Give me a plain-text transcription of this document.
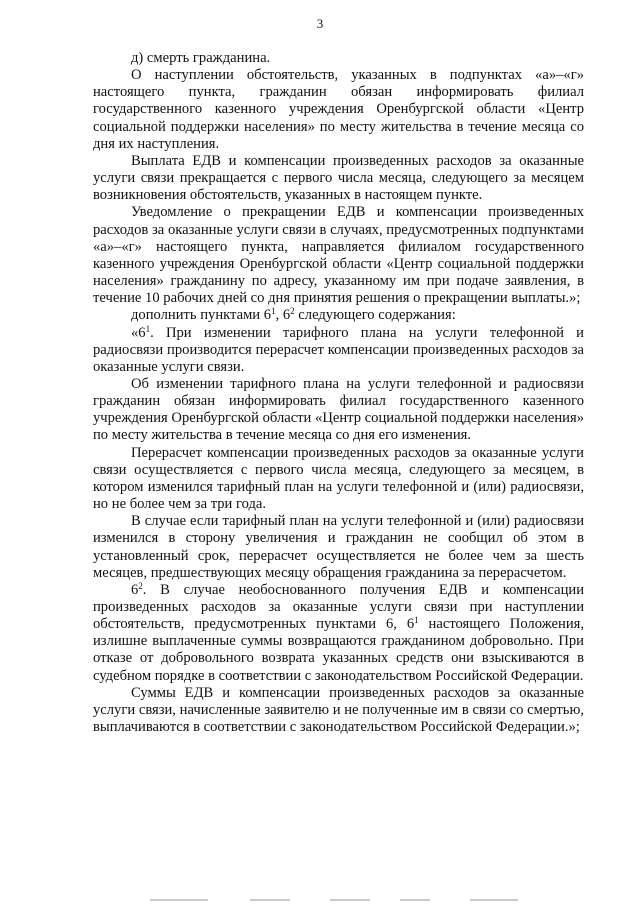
3

д) смерть гражданина.

О наступлении обстоятельств, указанных в подпунктах «а»–«г» настоящего пункта, гражданин обязан информировать филиал государственного казенного учреждения Оренбургской области «Центр социальной поддержки населения» по месту жительства в течение месяца со дня их наступления.

Выплата ЕДВ и компенсации произведенных расходов за оказанные услуги связи прекращается с первого числа месяца, следующего за месяцем возникновения обстоятельств, указанных в настоящем пункте.

Уведомление о прекращении ЕДВ и компенсации произведенных расходов за оказанные услуги связи в случаях, предусмотренных подпунктами «а»–«г» настоящего пункта, направляется филиалом государственного казенного учреждения Оренбургской области «Центр социальной поддержки населения» гражданину по адресу, указанному им при подаче заявления, в течение 10 рабочих дней со дня принятия решения о прекращении выплаты.»;

дополнить пунктами $6^1$, $6^2$ следующего содержания:

«$6^1$. При изменении тарифного плана на услуги телефонной и радиосвязи производится перерасчет компенсации произведенных расходов за оказанные услуги связи.

Об изменении тарифного плана на услуги телефонной и радиосвязи гражданин обязан информировать филиал государственного казенного учреждения Оренбургской области «Центр социальной поддержки населения» по месту жительства в течение месяца со дня его изменения.

Перерасчет компенсации произведенных расходов за оказанные услуги связи осуществляется с первого числа месяца, следующего за месяцем, в котором изменился тарифный план на услуги телефонной и (или) радиосвязи, но не более чем за три года.

В случае если тарифный план на услуги телефонной и (или) радиосвязи изменился в сторону увеличения и гражданин не сообщил об этом в установленный срок, перерасчет осуществляется не более чем за шесть месяцев, предшествующих месяцу обращения гражданина за перерасчетом.

$6^2$. В случае необоснованного получения ЕДВ и компенсации произведенных расходов за оказанные услуги связи при наступлении обстоятельств, предусмотренных пунктами 6, $6^1$ настоящего Положения, излишне выплаченные суммы возвращаются гражданином добровольно. При отказе от добровольного возврата указанных средств они взыскиваются в судебном порядке в соответствии с законодательством Российской Федерации.

Суммы ЕДВ и компенсации произведенных расходов за оказанные услуги связи, начисленные заявителю и не полученные им в связи со смертью, выплачиваются в соответствии с законодательством Российской Федерации.»;
